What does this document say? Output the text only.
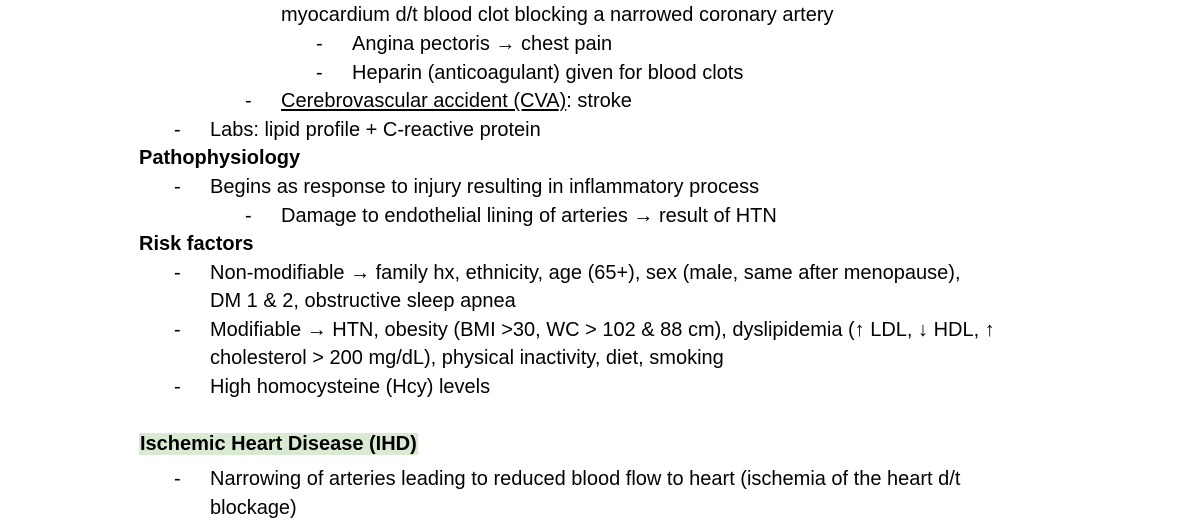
myocardium d/t blood clot blocking a narrowed coronary artery
- Angina pectoris → chest pain
- Heparin (anticoagulant) given for blood clots
- Cerebrovascular accident (CVA): stroke
- Labs: lipid profile + C-reactive protein
Pathophysiology
- Begins as response to injury resulting in inflammatory process
- Damage to endothelial lining of arteries → result of HTN
Risk factors
- Non-modifiable → family hx, ethnicity, age (65+), sex (male, same after menopause),
DM 1 & 2, obstructive sleep apnea
- Modifiable → HTN, obesity (BMI >30, WC > 102 & 88 cm), dyslipidemia (↑ LDL, ↓ HDL, ↑
cholesterol > 200 mg/dL), physical inactivity, diet, smoking
- High homocysteine (Hcy) levels
Ischemic Heart Disease (IHD)
- Narrowing of arteries leading to reduced blood flow to heart (ischemia of the heart d/t
blockage)
